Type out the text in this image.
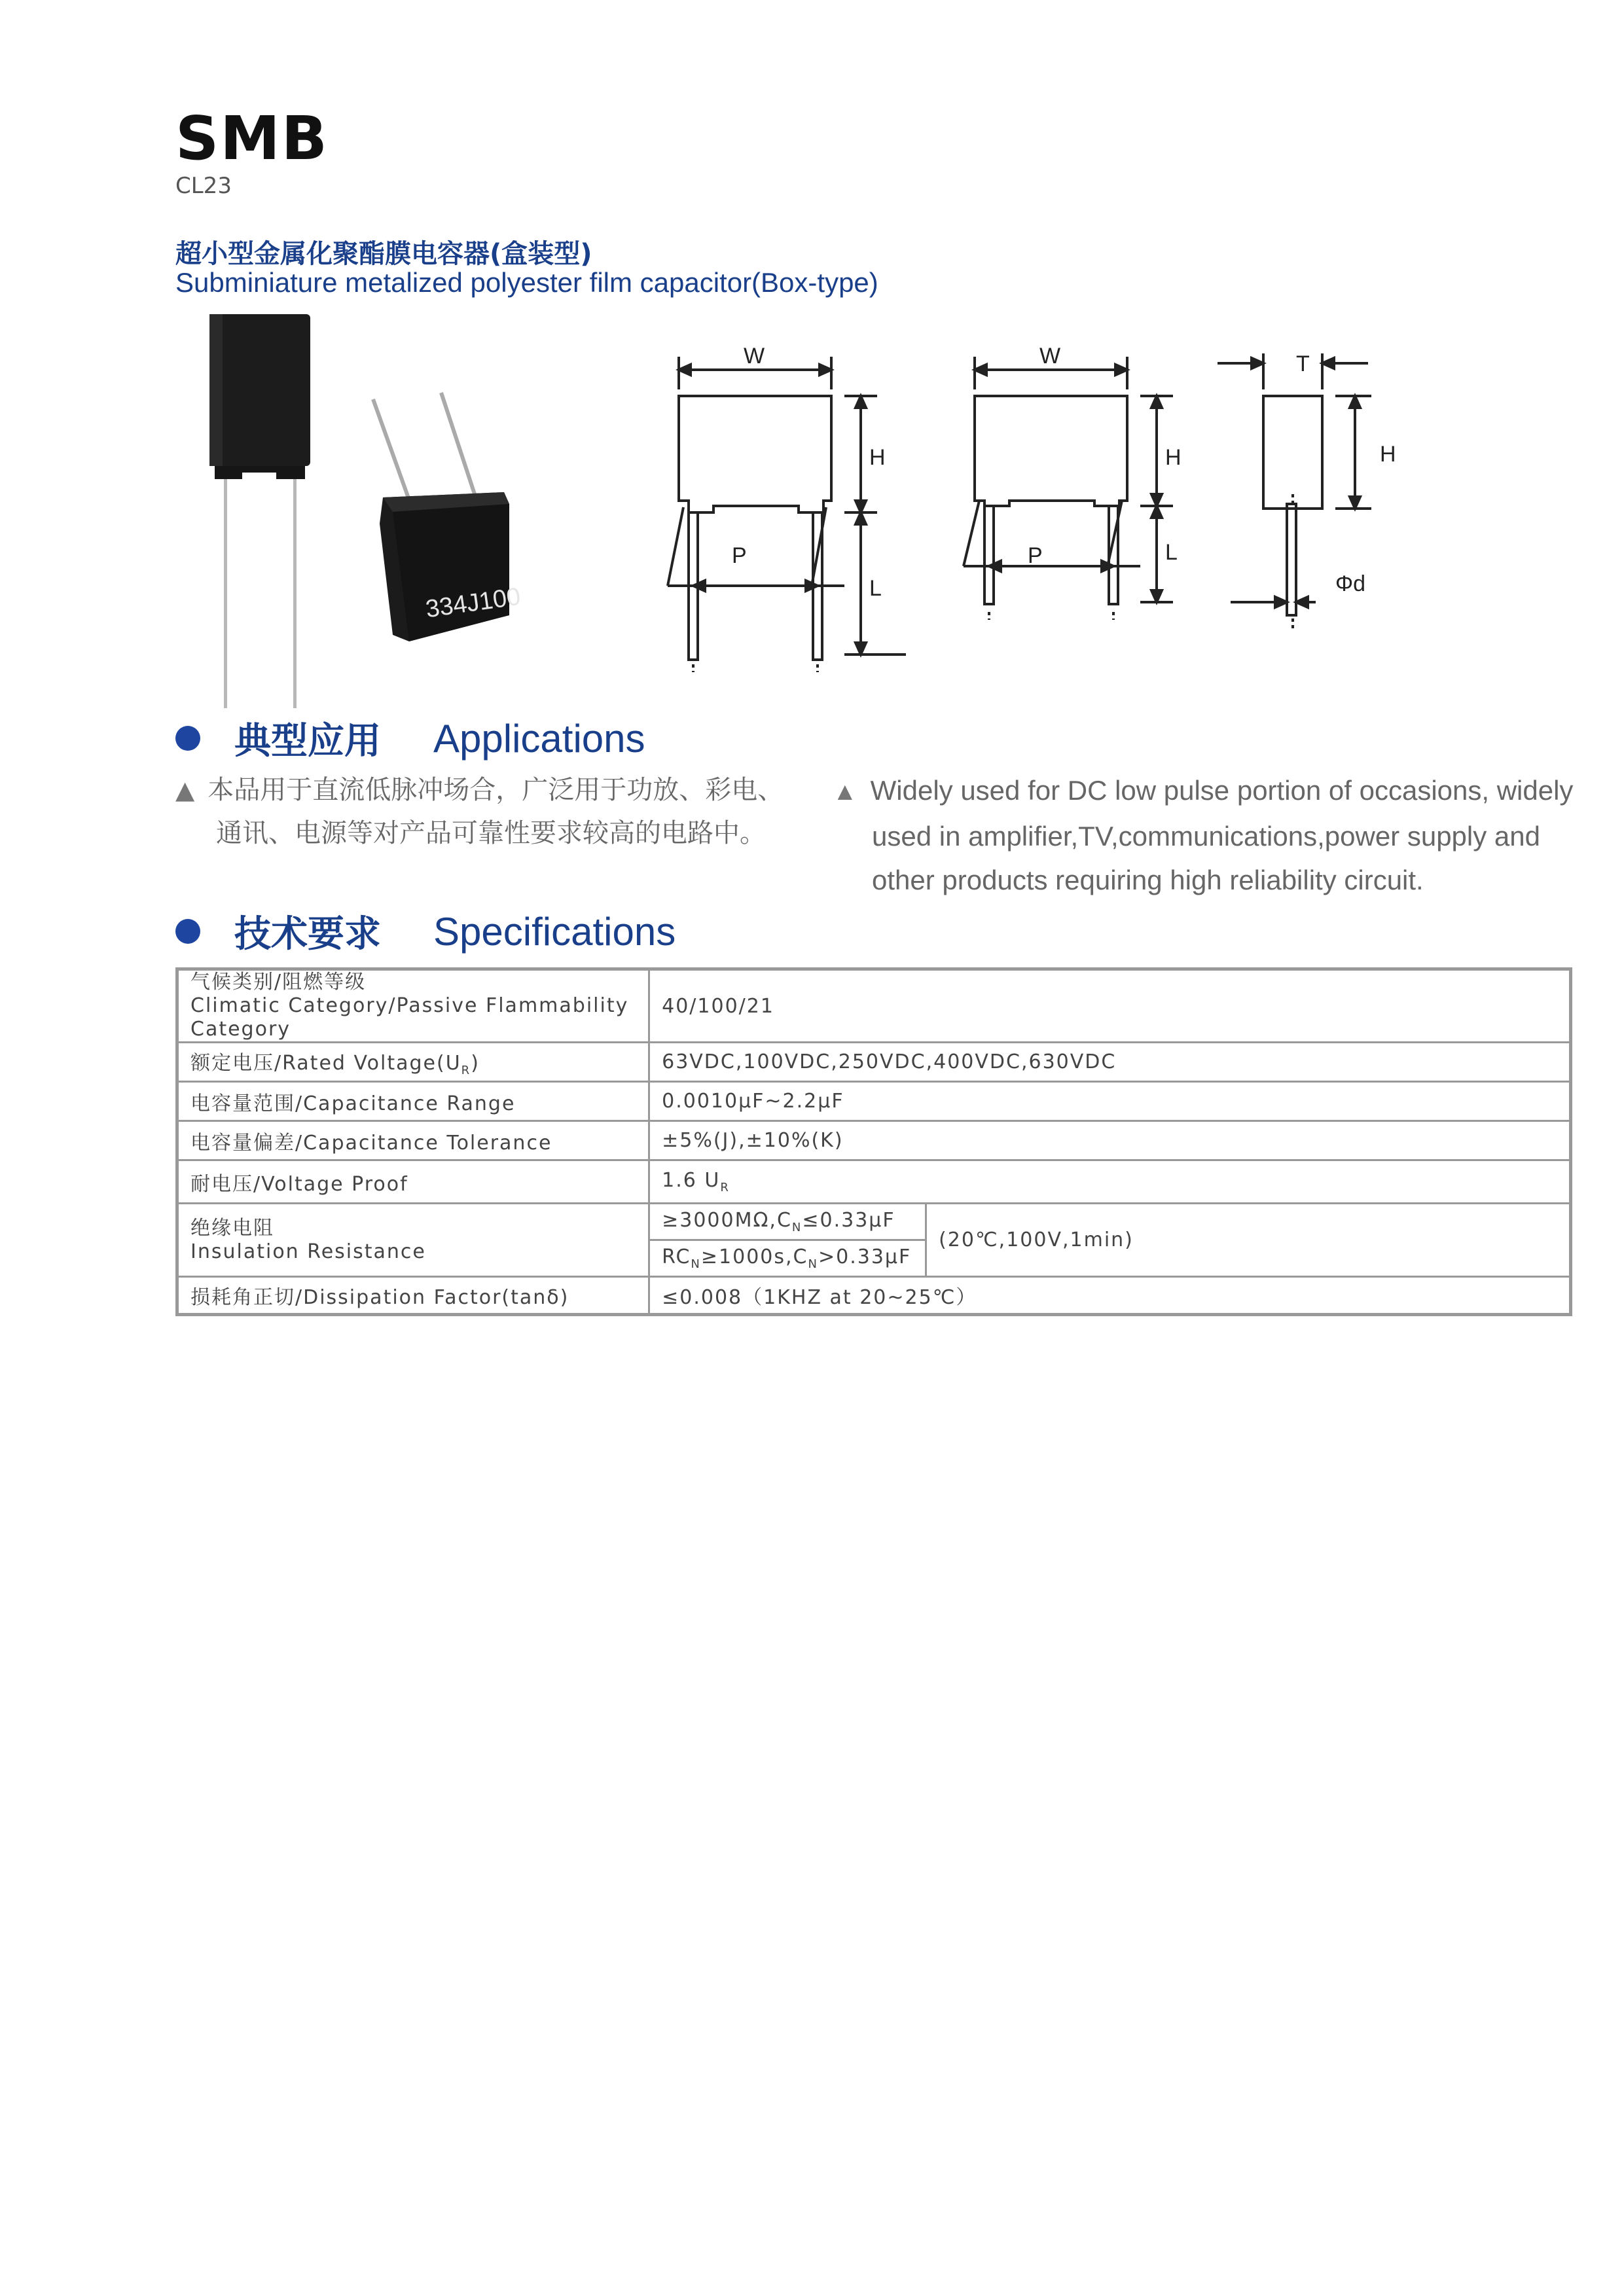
SMB
CL23
超小型金属化聚酯膜电容器(盒装型)
Subminiature metalized polyester film capacitor(Box-type)
334J100
W
H
L
P
W
H
L
P
T
H
Φd
典型应用 Applications
▲ 本品用于直流低脉冲场合，广泛用于功放、彩电、
通讯、电源等对产品可靠性要求较高的电路中。
▲ Widely used for DC low pulse portion of occasions, widely
used in amplifier,TV,communications,power supply and
other products requiring high reliability circuit.
技术要求 Specifications
气候类别/阻燃等级
Climatic Category/Passive Flammability Category	40/100/21	
额定电压/Rated $Voltage(U_R)$	63VDC,100VDC,250VDC,400VDC,630VDC	
电容量范围/Capacitance Range	0.0010μF~2.2μF	
电容量偏差/Capacitance Tolerance	±5%(J),±10%(K)	
耐电压/Voltage Proof	1.6 $U_R$

绝缘电阻
Insulation Resistance	$\ge 3000M\Omega,C_N\le 0.33\mu F$	(20℃,100V,1min)
	$RC_N\ge 1000s,C_N>0.33\mu F$	
损耗角正切/Dissipation Factor(tanδ)	≤0.008（1KHZ at 20~25℃）	
